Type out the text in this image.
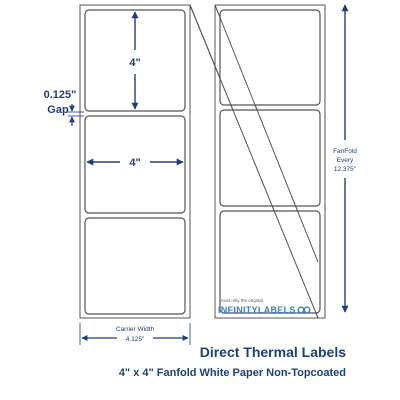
4"
4"
0.125"
Gap
FanFold
Every
12.375"
Carrier Width
4.125"
trust only the original
INFINITYLABELS
Direct Thermal Labels
4" x 4" Fanfold White Paper Non-Topcoated
